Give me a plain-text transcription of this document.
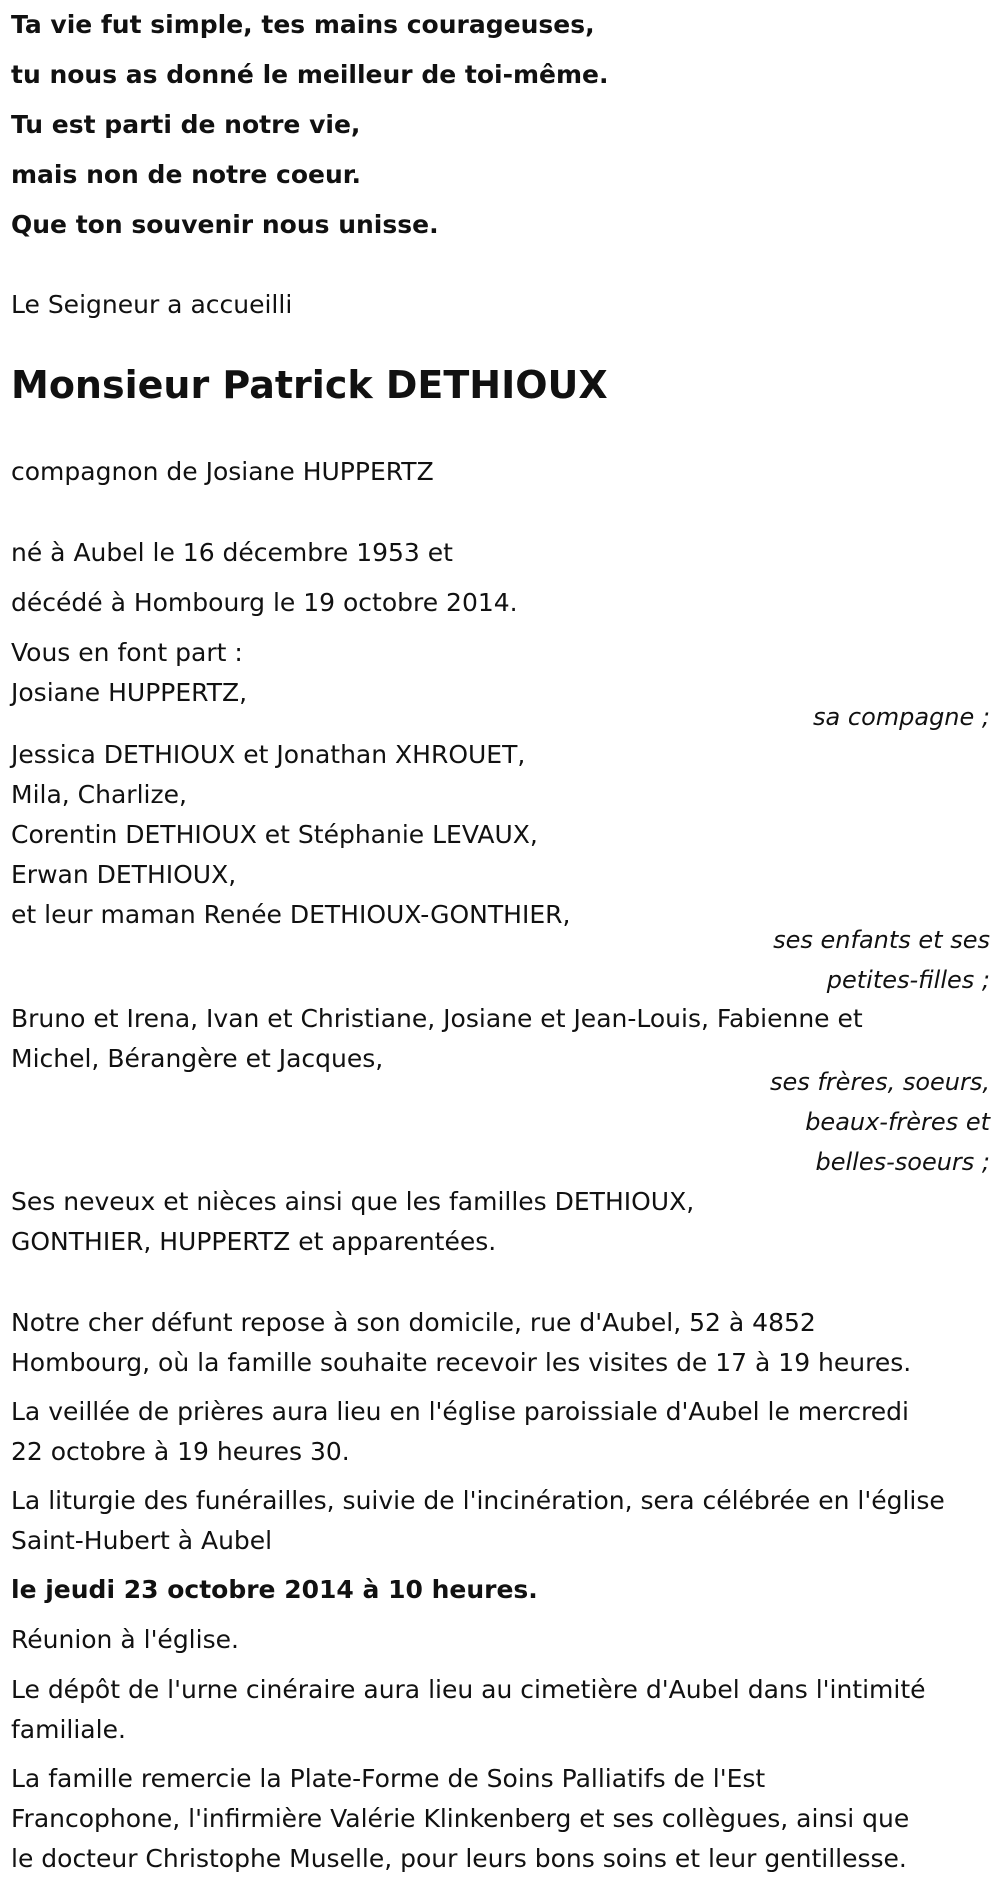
Ta vie fut simple, tes mains courageuses,
tu nous as donné le meilleur de toi-même.
Tu est parti de notre vie,
mais non de notre coeur.
Que ton souvenir nous unisse.
Le Seigneur a accueilli
Monsieur Patrick DETHIOUX
compagnon de Josiane HUPPERTZ
né à Aubel le 16 décembre 1953 et
décédé à Hombourg le 19 octobre 2014.
Vous en font part :
Josiane HUPPERTZ,
sa compagne ;
Jessica DETHIOUX et Jonathan XHROUET,
Mila, Charlize,
Corentin DETHIOUX et Stéphanie LEVAUX,
Erwan DETHIOUX,
et leur maman Renée DETHIOUX-GONTHIER,
ses enfants et ses
petites-filles ;
Bruno et Irena, Ivan et Christiane, Josiane et Jean-Louis, Fabienne et
Michel, Bérangère et Jacques,
ses frères, soeurs,
beaux-frères et
belles-soeurs ;
Ses neveux et nièces ainsi que les familles DETHIOUX,
GONTHIER, HUPPERTZ et apparentées.
Notre cher défunt repose à son domicile, rue d'Aubel, 52 à 4852
Hombourg, où la famille souhaite recevoir les visites de 17 à 19 heures.
La veillée de prières aura lieu en l'église paroissiale d'Aubel le mercredi
22 octobre à 19 heures 30.
La liturgie des funérailles, suivie de l'incinération, sera célébrée en l'église
Saint-Hubert à Aubel
le jeudi 23 octobre 2014 à 10 heures.
Réunion à l'église.
Le dépôt de l'urne cinéraire aura lieu au cimetière d'Aubel dans l'intimité
familiale.
La famille remercie la Plate-Forme de Soins Palliatifs de l'Est
Francophone, l'infirmière Valérie Klinkenberg et ses collègues, ainsi que
le docteur Christophe Muselle, pour leurs bons soins et leur gentillesse.
